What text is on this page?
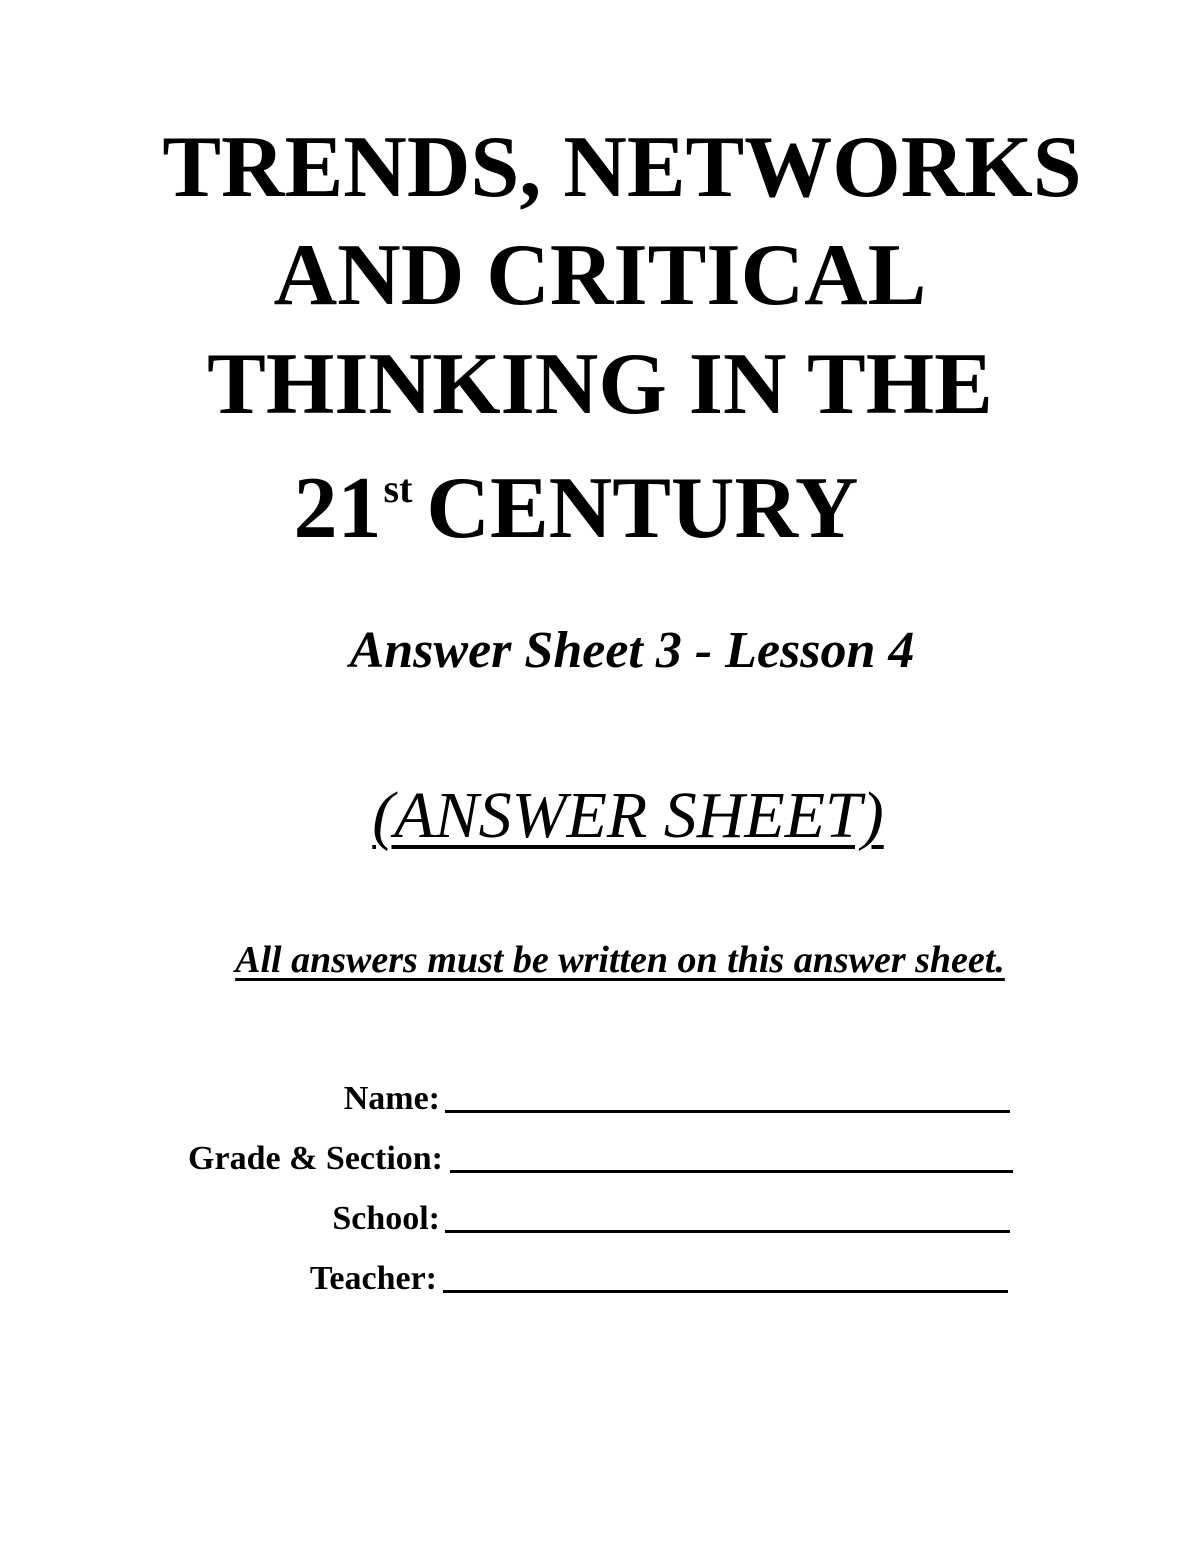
TRENDS, NETWORKS
AND CRITICAL
THINKING IN THE
21st CENTURY
Answer Sheet 3 - Lesson 4
(ANSWER SHEET)
All answers must be written on this answer sheet.
Name:
Grade & Section:
School:
Teacher:
